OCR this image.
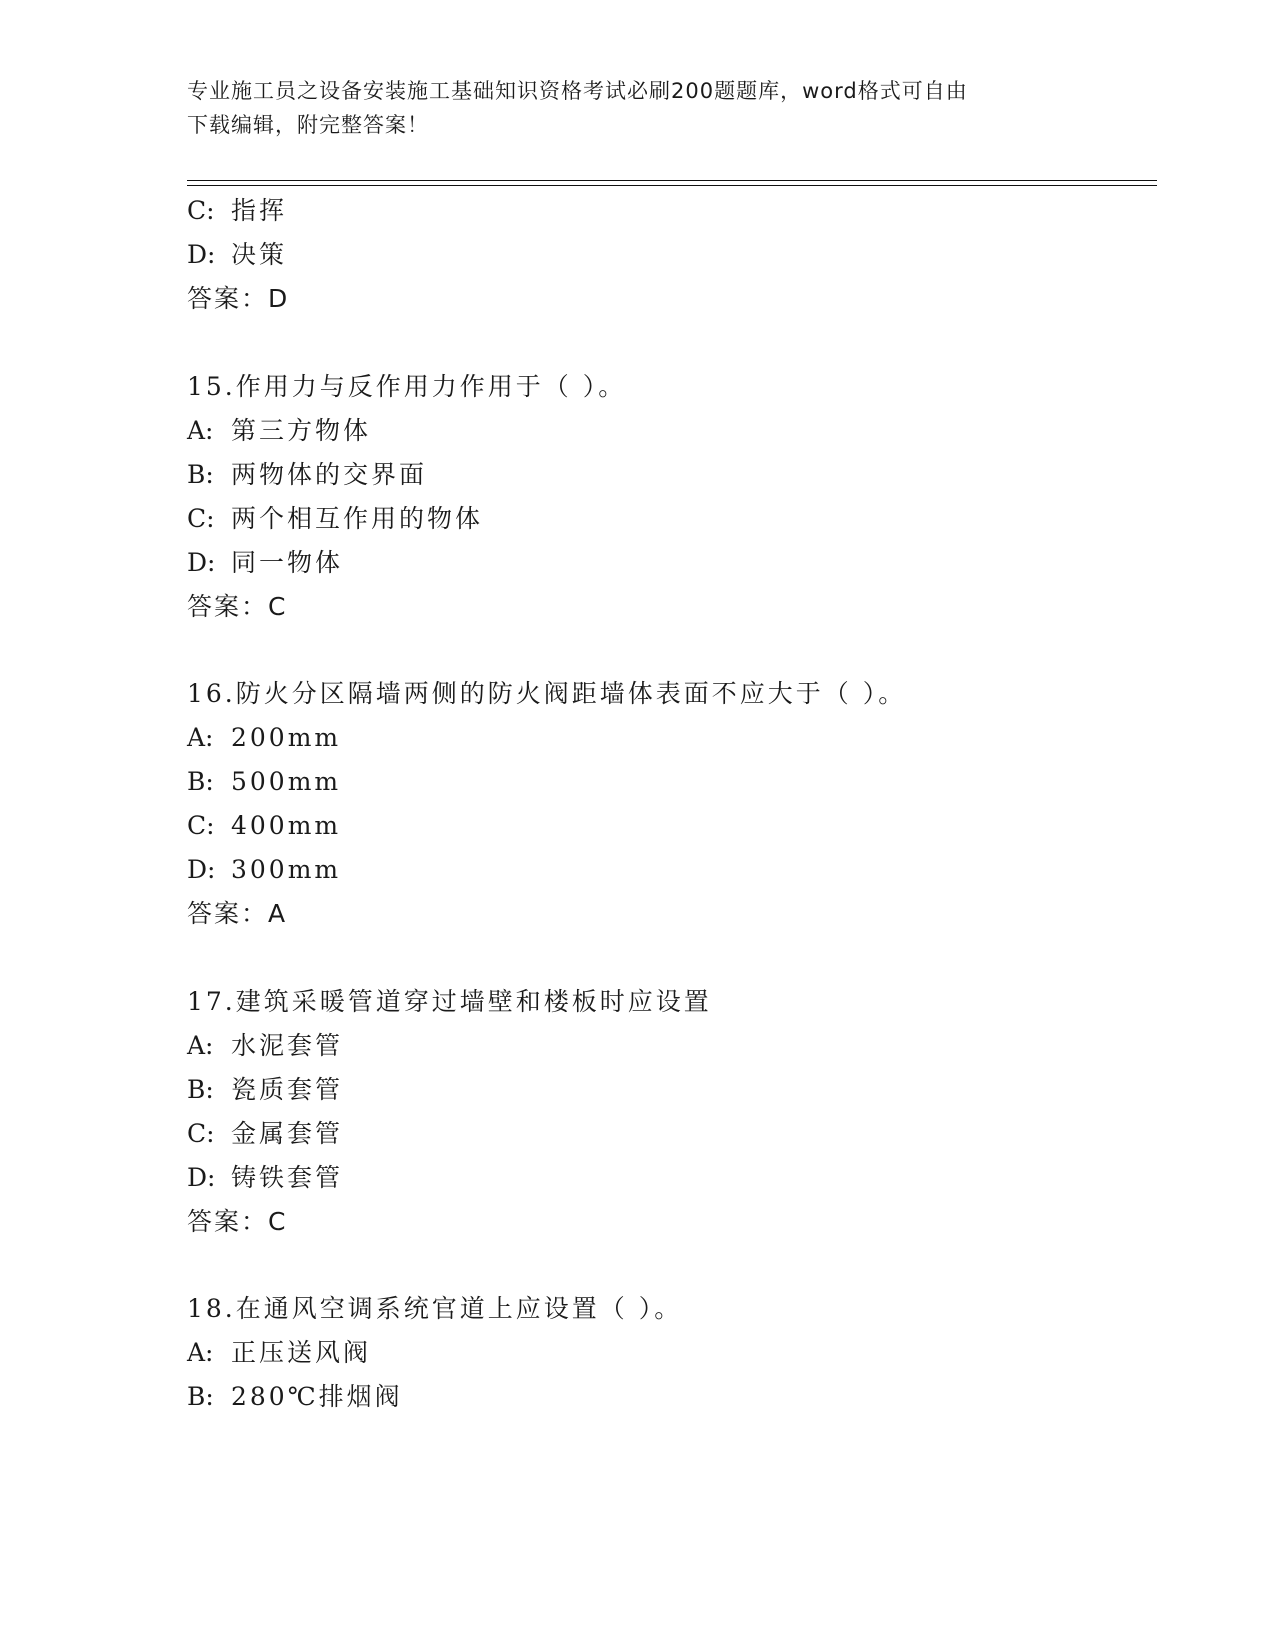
专业施工员之设备安装施工基础知识资格考试必刷200题题库，word格式可自由
下载编辑，附完整答案！
C: 指挥
D: 决策
答案：D
15.作用力与反作用力作用于（ ）。
A: 第三方物体
B: 两物体的交界面
C: 两个相互作用的物体
D: 同一物体
答案：C
16.防火分区隔墙两侧的防火阀距墙体表面不应大于（ ）。
A: 200mm
B: 500mm
C: 400mm
D: 300mm
答案：A
17.建筑采暖管道穿过墙壁和楼板时应设置
A: 水泥套管
B: 瓷质套管
C: 金属套管
D: 铸铁套管
答案：C
18.在通风空调系统官道上应设置（ ）。
A: 正压送风阀
B: 280℃排烟阀
